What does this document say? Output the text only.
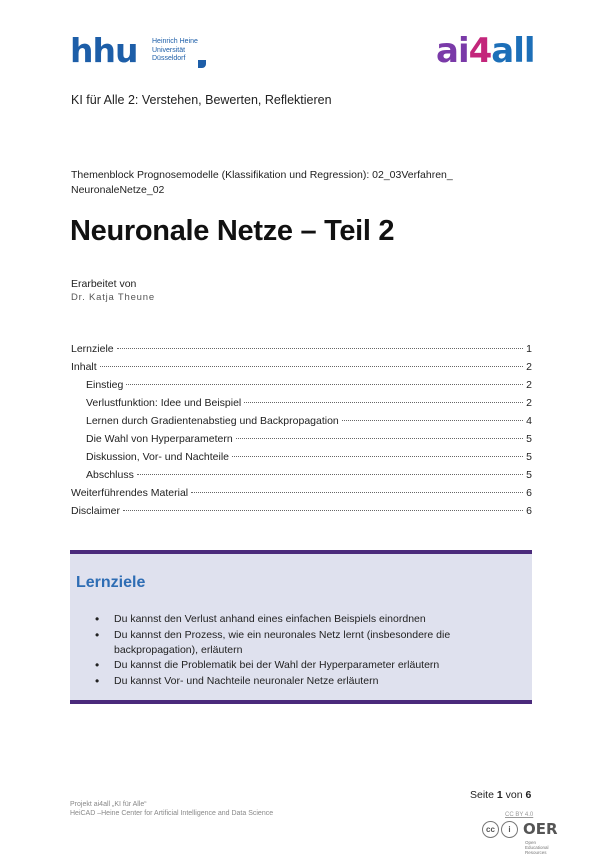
hhu Heinrich Heine
Universität
Düsseldorf	ai4all
KI für Alle 2: Verstehen, Bewerten, Reflektieren
Themenblock Prognosemodelle (Klassifikation und Regression): 02_03Verfahren_ NeuronaleNetze_02
Neuronale Netze – Teil 2
Erarbeitet von
Dr. Katja Theune
Lernziele	1
Inhalt	2
Einstieg	2
Verlustfunktion: Idee und Beispiel	2
Lernen durch Gradientenabstieg und Backpropagation	4
Die Wahl von Hyperparametern	5
Diskussion, Vor- und Nachteile	5
Abschluss	5
Weiterführendes Material	6
Disclaimer	6
Lernziele
• Du kannst den Verlust anhand eines einfachen Beispiels einordnen
• Du kannst den Prozess, wie ein neuronales Netz lernt (insbesondere die backpropagation), erläutern
• Du kannst die Problematik bei der Wahl der Hyperparameter erläutern
• Du kannst Vor- und Nachteile neuronaler Netze erläutern
Seite 1 von 6
Projekt ai4all „KI für Alle“
HeiCAD –Heine Center for Artificial Intelligence and Data Science	CC BY 4.0
cc i OER Open
Educational
Resources
